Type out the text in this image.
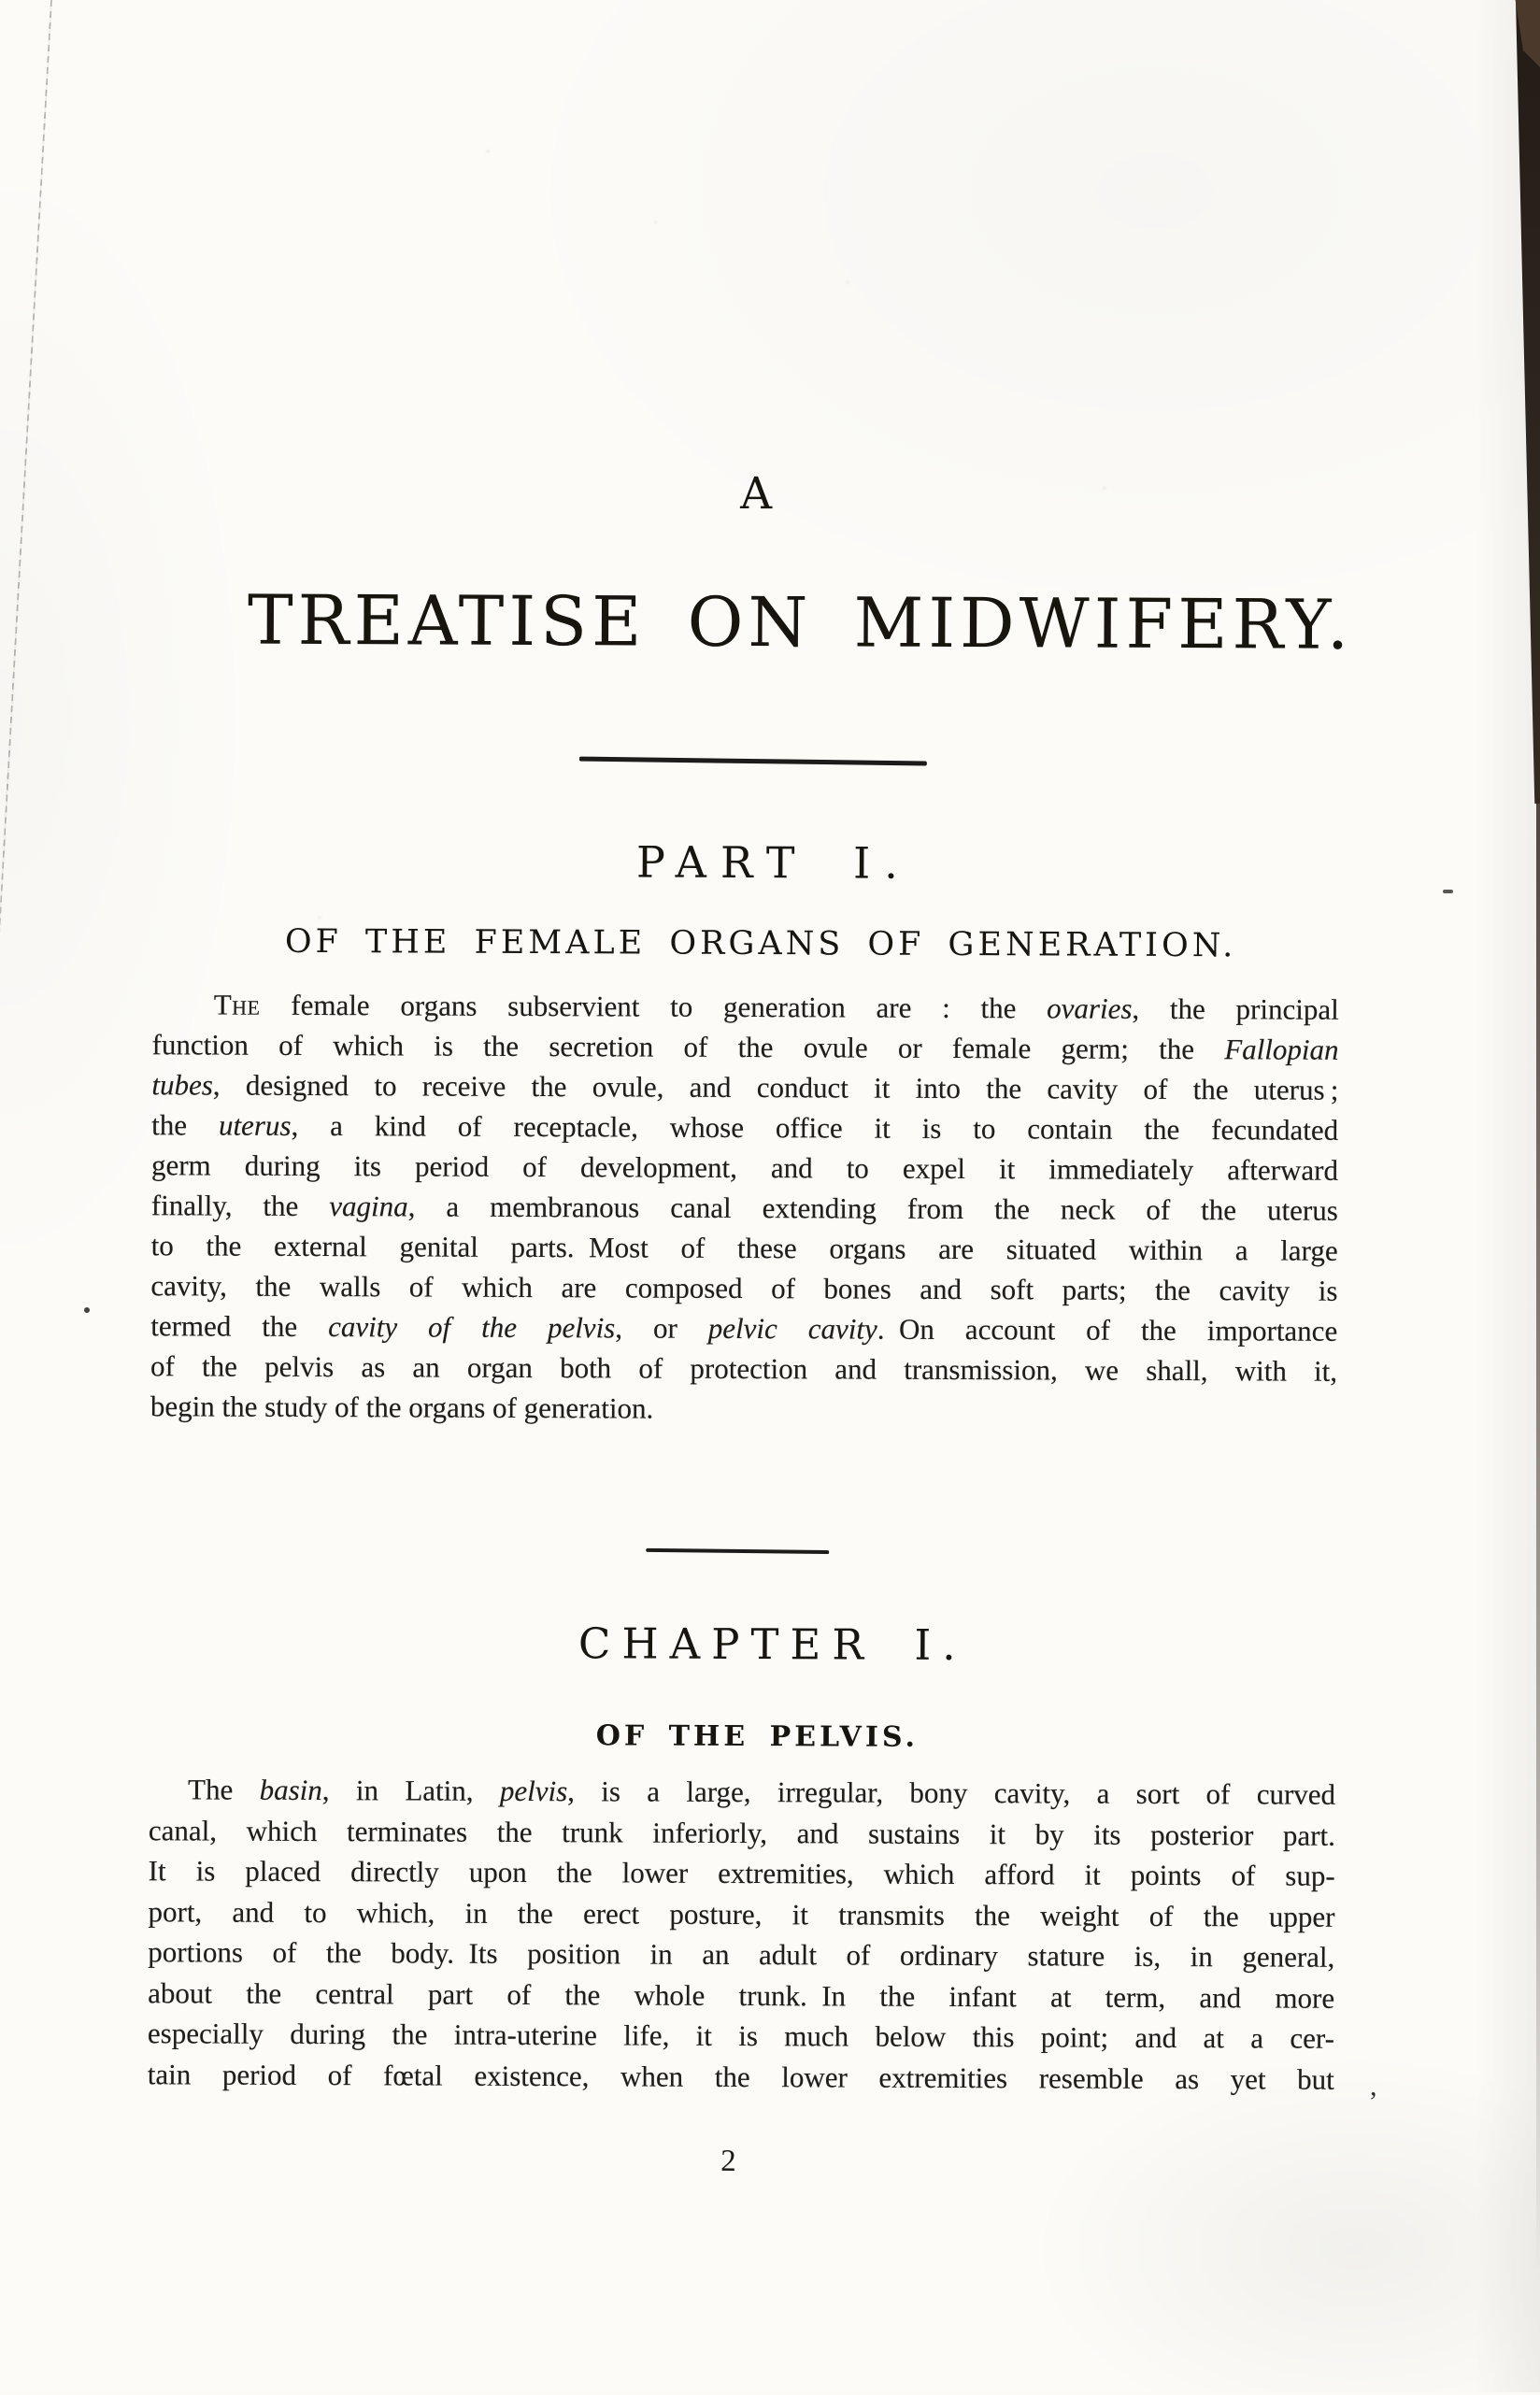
A
TREATISE ON MIDWIFERY.
PART I.
OF THE FEMALE ORGANS OF GENERATION.
The female organs subservient to generation are : the ovaries, the principal
function of which is the secretion of the ovule or female germ; the Fallopian
tubes, designed to receive the ovule, and conduct it into the cavity of the uterus ;
the uterus, a kind of receptacle, whose office it is to contain the fecundated
germ during its period of development, and to expel it immediately afterward
finally, the vagina, a membranous canal extending from the neck of the uterus
to the external genital parts. Most of these organs are situated within a large
cavity, the walls of which are composed of bones and soft parts; the cavity is
termed the cavity of the pelvis, or pelvic cavity. On account of the importance
of the pelvis as an organ both of protection and transmission, we shall, with it,
begin the study of the organs of generation.
CHAPTER I.
OF THE PELVIS.
The basin, in Latin, pelvis, is a large, irregular, bony cavity, a sort of curved
canal, which terminates the trunk inferiorly, and sustains it by its posterior part.
It is placed directly upon the lower extremities, which afford it points of sup-
port, and to which, in the erect posture, it transmits the weight of the upper
portions of the body. Its position in an adult of ordinary stature is, in general,
about the central part of the whole trunk. In the infant at term, and more
especially during the intra-uterine life, it is much below this point; and at a cer-
tain period of fœtal existence, when the lower extremities resemble as yet but
2
,
